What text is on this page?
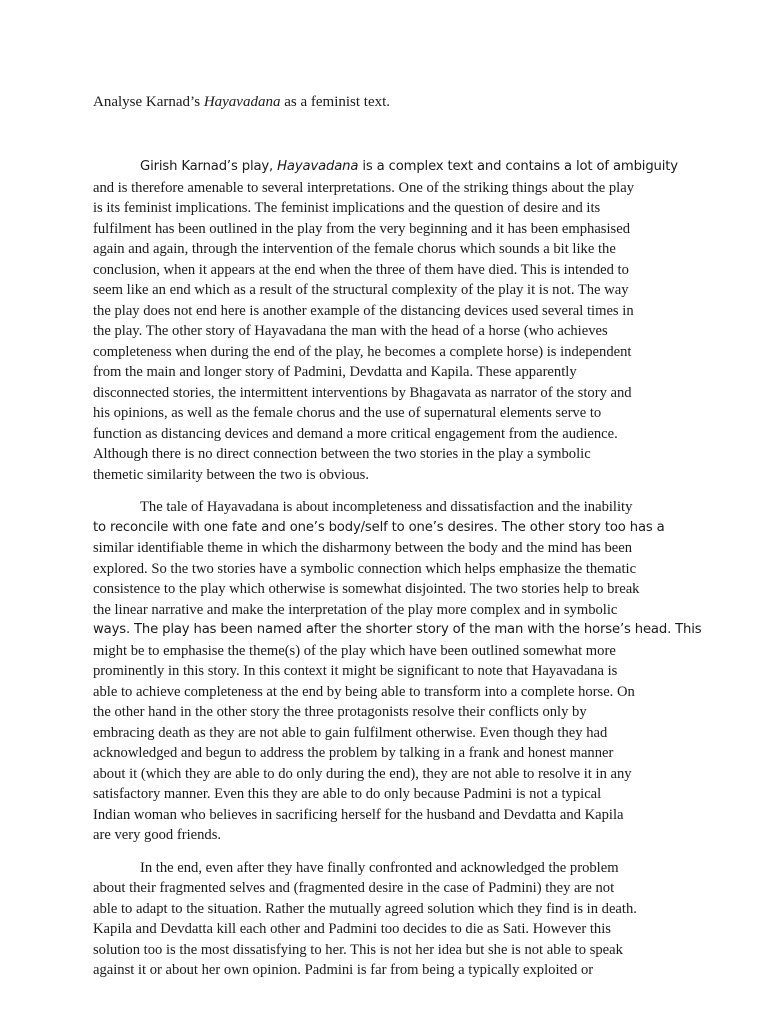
Analyse Karnad’s Hayavadana as a feminist text.
Girish Karnad’s play, Hayavadana is a complex text and contains a lot of ambiguity
and is therefore amenable to several interpretations. One of the striking things about the play
is its feminist implications. The feminist implications and the question of desire and its
fulfilment has been outlined in the play from the very beginning and it has been emphasised
again and again, through the intervention of the female chorus which sounds a bit like the
conclusion, when it appears at the end when the three of them have died. This is intended to
seem like an end which as a result of the structural complexity of the play it is not. The way
the play does not end here is another example of the distancing devices used several times in
the play. The other story of Hayavadana the man with the head of a horse (who achieves
completeness when during the end of the play, he becomes a complete horse) is independent
from the main and longer story of Padmini, Devdatta and Kapila. These apparently
disconnected stories, the intermittent interventions by Bhagavata as narrator of the story and
his opinions, as well as the female chorus and the use of supernatural elements serve to
function as distancing devices and demand a more critical engagement from the audience.
Although there is no direct connection between the two stories in the play a symbolic
themetic similarity between the two is obvious.
The tale of Hayavadana is about incompleteness and dissatisfaction and the inability
to reconcile with one fate and one’s body/self to one’s desires. The other story too has a
similar identifiable theme in which the disharmony between the body and the mind has been
explored. So the two stories have a symbolic connection which helps emphasize the thematic
consistence to the play which otherwise is somewhat disjointed. The two stories help to break
the linear narrative and make the interpretation of the play more complex and in symbolic
ways. The play has been named after the shorter story of the man with the horse’s head. This
might be to emphasise the theme(s) of the play which have been outlined somewhat more
prominently in this story. In this context it might be significant to note that Hayavadana is
able to achieve completeness at the end by being able to transform into a complete horse. On
the other hand in the other story the three protagonists resolve their conflicts only by
embracing death as they are not able to gain fulfilment otherwise. Even though they had
acknowledged and begun to address the problem by talking in a frank and honest manner
about it (which they are able to do only during the end), they are not able to resolve it in any
satisfactory manner. Even this they are able to do only because Padmini is not a typical
Indian woman who believes in sacrificing herself for the husband and Devdatta and Kapila
are very good friends.
In the end, even after they have finally confronted and acknowledged the problem
about their fragmented selves and (fragmented desire in the case of Padmini) they are not
able to adapt to the situation. Rather the mutually agreed solution which they find is in death.
Kapila and Devdatta kill each other and Padmini too decides to die as Sati. However this
solution too is the most dissatisfying to her. This is not her idea but she is not able to speak
against it or about her own opinion. Padmini is far from being a typically exploited or
